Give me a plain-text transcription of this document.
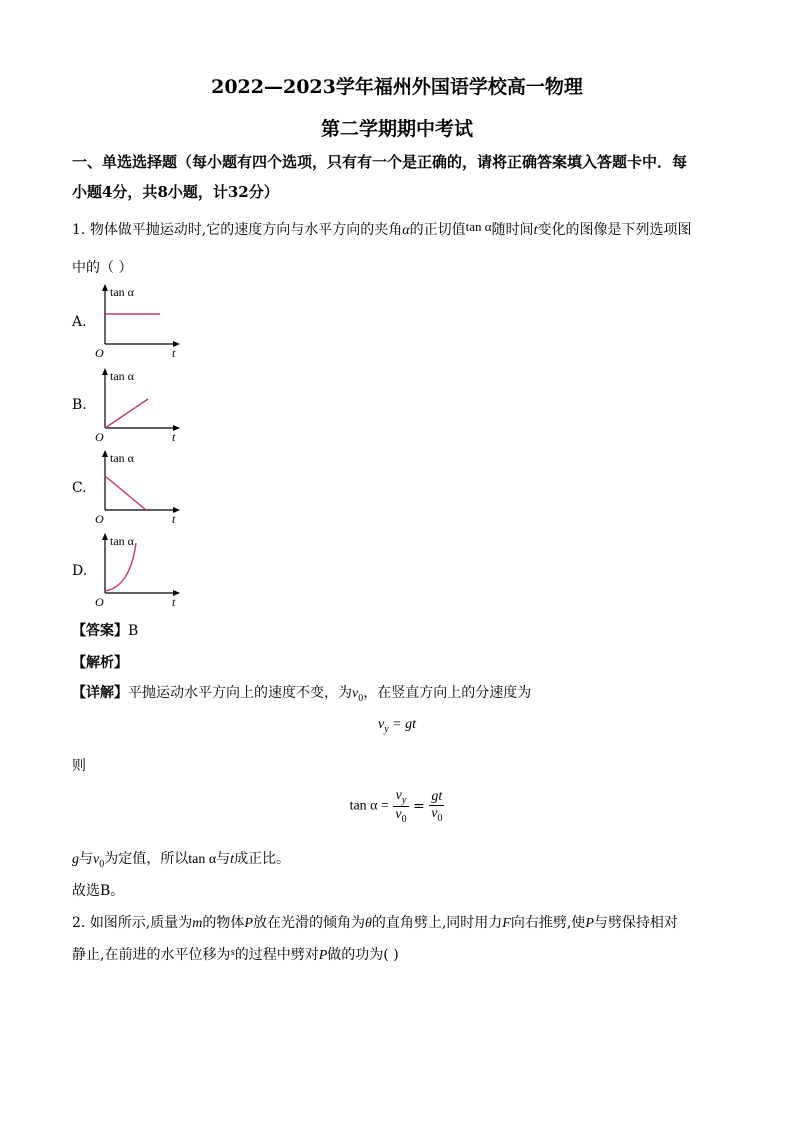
2022—2023学年福州外国语学校高一物理
第二学期期中考试
一、单选选择题（每小题有四个选项，只有有一个是正确的，请将正确答案填入答题卡中．每
小题4分，共8小题，计32分）
1. 物体做平抛运动时,它的速度方向与水平方向的夹角α的正切值tan α随时间t变化的图像是下列选项图
中的（ ）
A.
tan α
O	t
B.
tan α
O	t
C.
tan α
O	t
D.
tan α
O	t
【答案】B
【解析】
【详解】平抛运动水平方向上的速度不变，为$v_0$，在竖直方向上的分速度为
$v_y$ = gt
则
$\tan \alpha = \frac{v_y}{v_0} = \frac{gt}{v_0}$
g与$v_0$为定值，所以tan α与t成正比。
故选B。
2. 如图所示,质量为m的物体P放在光滑的倾角为θ的直角劈上,同时用力F向右推劈,使P与劈保持相对
静止,在前进的水平位移为$^s$的过程中劈对P做的功为( )
